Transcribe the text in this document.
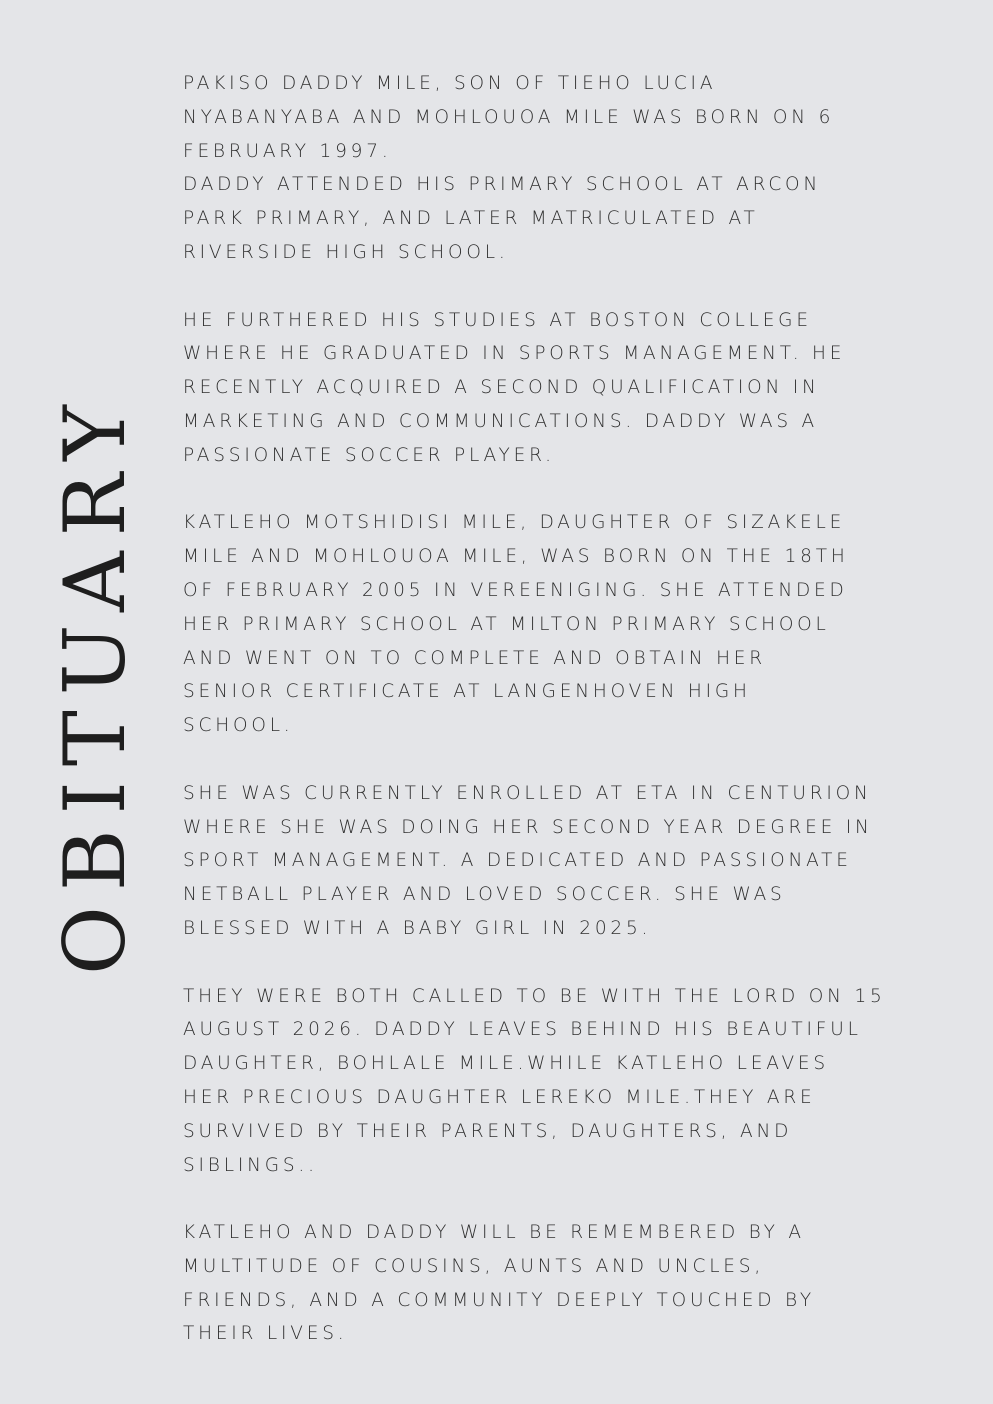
OBITUARY

PAKISO DADDY MILE, SON OF TIEHO LUCIA
NYABANYABA AND MOHLOUOA MILE WAS BORN ON 6
FEBRUARY 1997.
DADDY ATTENDED HIS PRIMARY SCHOOL AT ARCON
PARK PRIMARY, AND LATER MATRICULATED AT
RIVERSIDE HIGH SCHOOL.

HE FURTHERED HIS STUDIES AT BOSTON COLLEGE
WHERE HE GRADUATED IN SPORTS MANAGEMENT. HE
RECENTLY ACQUIRED A SECOND QUALIFICATION IN
MARKETING AND COMMUNICATIONS. DADDY WAS A
PASSIONATE SOCCER PLAYER.

KATLEHO MOTSHIDISI MILE, DAUGHTER OF SIZAKELE
MILE AND MOHLOUOA MILE, WAS BORN ON THE 18TH
OF FEBRUARY 2005 IN VEREENIGING. SHE ATTENDED
HER PRIMARY SCHOOL AT MILTON PRIMARY SCHOOL
AND WENT ON TO COMPLETE AND OBTAIN HER
SENIOR CERTIFICATE AT LANGENHOVEN HIGH
SCHOOL.

SHE WAS CURRENTLY ENROLLED AT ETA IN CENTURION
WHERE SHE WAS DOING HER SECOND YEAR DEGREE IN
SPORT MANAGEMENT. A DEDICATED AND PASSIONATE
NETBALL PLAYER AND LOVED SOCCER. SHE WAS
BLESSED WITH A BABY GIRL IN 2025.

THEY WERE BOTH CALLED TO BE WITH THE LORD ON 15
AUGUST 2026. DADDY LEAVES BEHIND HIS BEAUTIFUL
DAUGHTER, BOHLALE MILE.WHILE KATLEHO LEAVES
HER PRECIOUS DAUGHTER LEREKO MILE.THEY ARE
SURVIVED BY THEIR PARENTS, DAUGHTERS, AND
SIBLINGS..

KATLEHO AND DADDY WILL BE REMEMBERED BY A
MULTITUDE OF COUSINS, AUNTS AND UNCLES,
FRIENDS, AND A COMMUNITY DEEPLY TOUCHED BY
THEIR LIVES.
